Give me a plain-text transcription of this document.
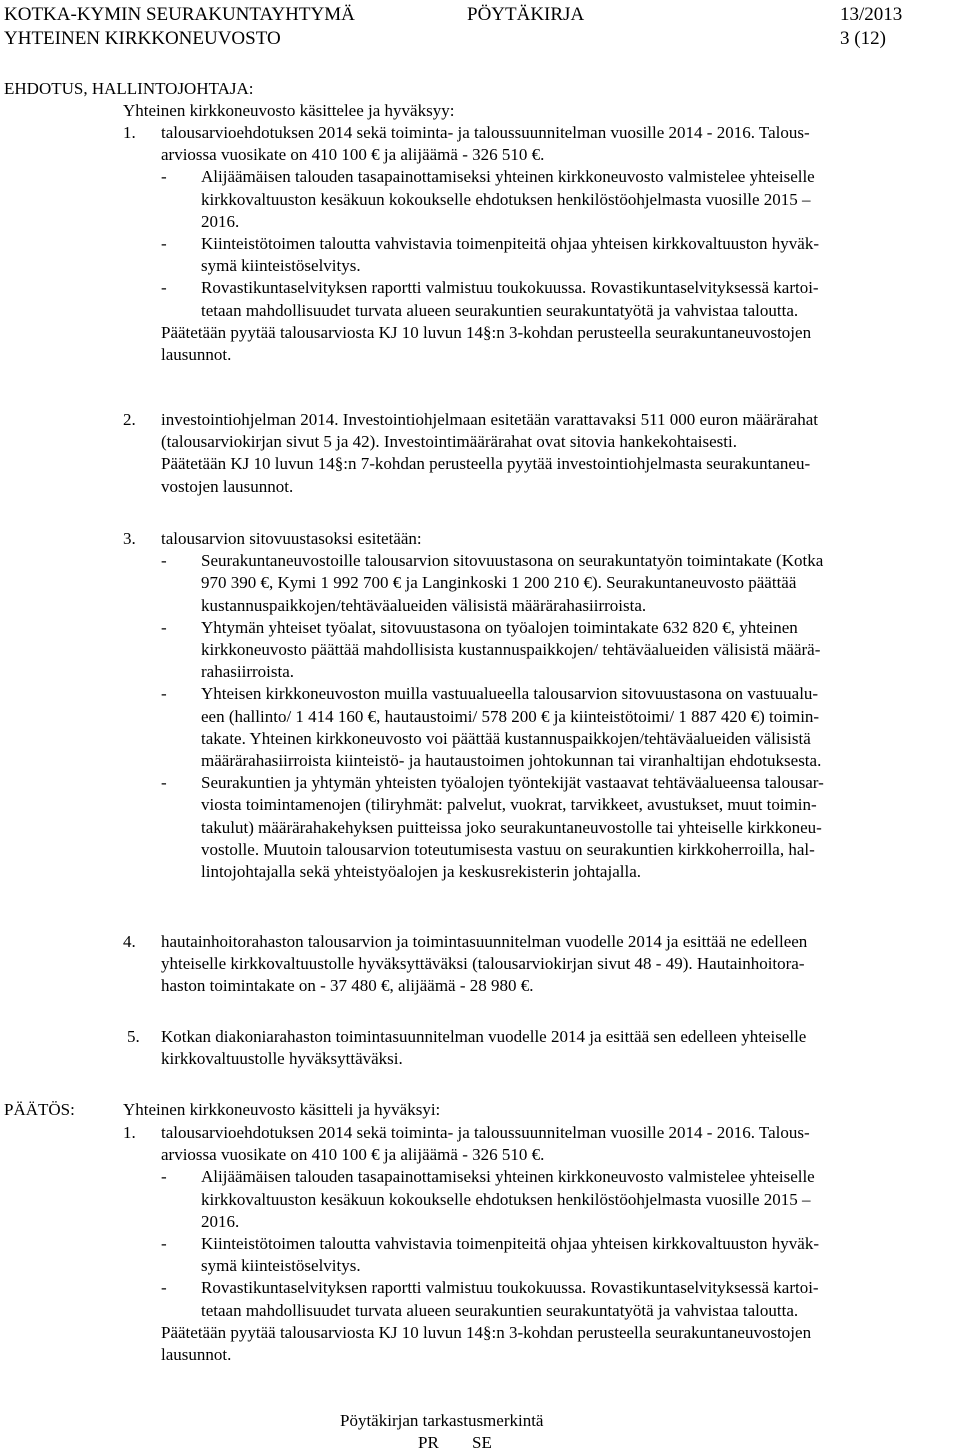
KOTKA-KYMIN SEURAKUNTAYHTYMÄ	PÖYTÄKIRJA	13/2013
YHTEINEN KIRKKONEUVOSTO	3 (12)
EHDOTUS, HALLINTOJOHTAJA:
Yhteinen kirkkoneuvosto käsittelee ja hyväksyy:
1. talousarvioehdotuksen 2014 sekä toiminta- ja taloussuunnitelman vuosille 2014 - 2016. Talous-
arviossa vuosikate on 410 100 € ja alijäämä - 326 510 €.
-	Alijäämäisen talouden tasapainottamiseksi yhteinen kirkkoneuvosto valmistelee yhteiselle
kirkkovaltuuston kesäkuun kokoukselle ehdotuksen henkilöstöohjelmasta vuosille 2015 –
2016.
-	Kiinteistötoimen taloutta vahvistavia toimenpiteitä ohjaa yhteisen kirkkovaltuuston hyväk-
symä kiinteistöselvitys.
-	Rovastikuntaselvityksen raportti valmistuu toukokuussa. Rovastikuntaselvityksessä kartoi-
tetaan mahdollisuudet turvata alueen seurakuntien seurakuntatyötä ja vahvistaa taloutta.
Päätetään pyytää talousarviosta KJ 10 luvun 14§:n 3-kohdan perusteella seurakuntaneuvostojen
lausunnot.
2. investointiohjelman 2014. Investointiohjelmaan esitetään varattavaksi 511 000 euron määrärahat
(talousarviokirjan sivut 5 ja 42). Investointimäärärahat ovat sitovia hankekohtaisesti.
Päätetään KJ 10 luvun 14§:n 7-kohdan perusteella pyytää investointiohjelmasta seurakuntaneu-
vostojen lausunnot.
3. talousarvion sitovuustasoksi esitetään:
-	Seurakuntaneuvostoille talousarvion sitovuustasona on seurakuntatyön toimintakate (Kotka
970 390 €, Kymi 1 992 700 € ja Langinkoski 1 200 210 €). Seurakuntaneuvosto päättää
kustannuspaikkojen/tehtäväalueiden välisistä määrärahasiirroista.
-	Yhtymän yhteiset työalat, sitovuustasona on työalojen toimintakate 632 820 €, yhteinen
kirkkoneuvosto päättää mahdollisista kustannuspaikkojen/ tehtäväalueiden välisistä määrä-
rahasiirroista.
-	Yhteisen kirkkoneuvoston muilla vastuualueella talousarvion sitovuustasona on vastuualu-
een (hallinto/ 1 414 160 €, hautaustoimi/ 578 200 € ja kiinteistötoimi/ 1 887 420 €) toimin-
takate. Yhteinen kirkkoneuvosto voi päättää kustannuspaikkojen/tehtäväalueiden välisistä
määrärahasiirroista kiinteistö- ja hautaustoimen johtokunnan tai viranhaltijan ehdotuksesta.
-	Seurakuntien ja yhtymän yhteisten työalojen työntekijät vastaavat tehtäväalueensa talousar-
viosta toimintamenojen (tiliryhmät: palvelut, vuokrat, tarvikkeet, avustukset, muut toimin-
takulut) määrärahakehyksen puitteissa joko seurakuntaneuvostolle tai yhteiselle kirkkoneu-
vostolle. Muutoin talousarvion toteutumisesta vastuu on seurakuntien kirkkoherroilla, hal-
lintojohtajalla sekä yhteistyöalojen ja keskusrekisterin johtajalla.
4. hautainhoitorahaston talousarvion ja toimintasuunnitelman vuodelle 2014 ja esittää ne edelleen
yhteiselle kirkkovaltuustolle hyväksyttäväksi (talousarviokirjan sivut 48 - 49). Hautainhoitora-
haston toimintakate on - 37 480 €, alijäämä - 28 980 €.
5. Kotkan diakoniarahaston toimintasuunnitelman vuodelle 2014 ja esittää sen edelleen yhteiselle
kirkkovaltuustolle hyväksyttäväksi.
PÄÄTÖS:	Yhteinen kirkkoneuvosto käsitteli ja hyväksyi:
1. talousarvioehdotuksen 2014 sekä toiminta- ja taloussuunnitelman vuosille 2014 - 2016. Talous-
arviossa vuosikate on 410 100 € ja alijäämä - 326 510 €.
-	Alijäämäisen talouden tasapainottamiseksi yhteinen kirkkoneuvosto valmistelee yhteiselle
kirkkovaltuuston kesäkuun kokoukselle ehdotuksen henkilöstöohjelmasta vuosille 2015 –
2016.
-	Kiinteistötoimen taloutta vahvistavia toimenpiteitä ohjaa yhteisen kirkkovaltuuston hyväk-
symä kiinteistöselvitys.
-	Rovastikuntaselvityksen raportti valmistuu toukokuussa. Rovastikuntaselvityksessä kartoi-
tetaan mahdollisuudet turvata alueen seurakuntien seurakuntatyötä ja vahvistaa taloutta.
Päätetään pyytää talousarviosta KJ 10 luvun 14§:n 3-kohdan perusteella seurakuntaneuvostojen
lausunnot.
Pöytäkirjan tarkastusmerkintä
PR SE
